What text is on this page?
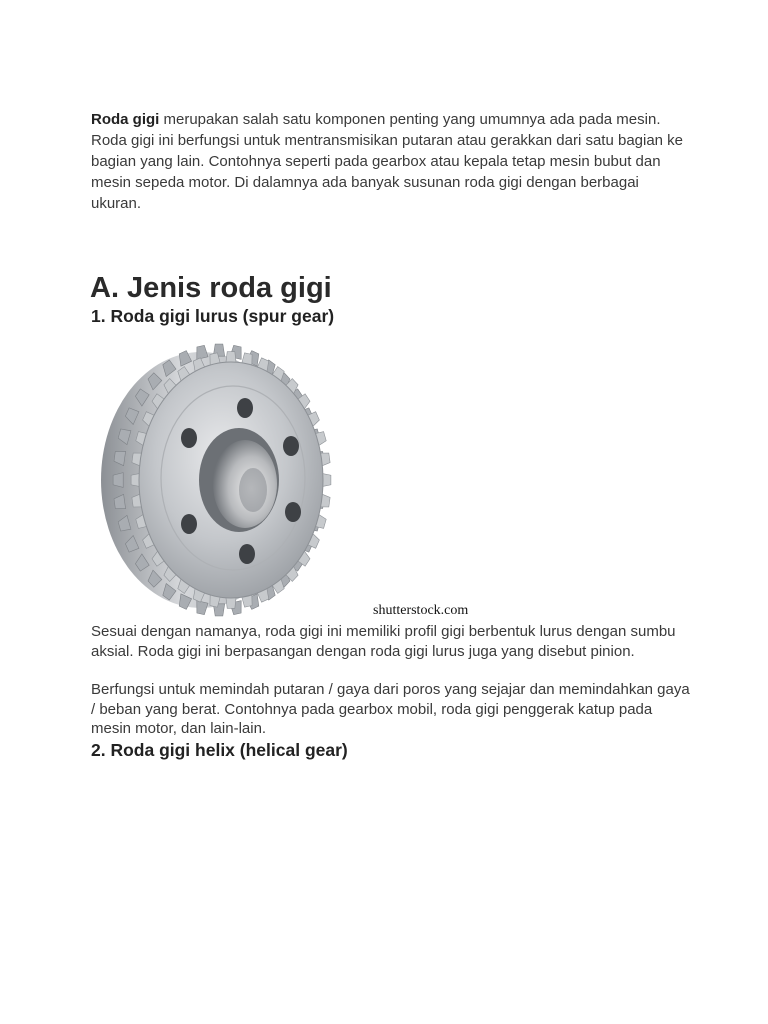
Roda gigi merupakan salah satu komponen penting yang umumnya ada pada mesin. Roda gigi ini berfungsi untuk mentransmisikan putaran atau gerakkan dari satu bagian ke bagian yang lain. Contohnya seperti pada gearbox atau kepala tetap mesin bubut dan mesin sepeda motor. Di dalamnya ada banyak susunan roda gigi dengan berbagai ukuran.

A. Jenis roda gigi
1. Roda gigi lurus (spur gear)
shutterstock.com

Sesuai dengan namanya, roda gigi ini memiliki profil gigi berbentuk lurus dengan sumbu aksial. Roda gigi ini berpasangan dengan roda gigi lurus juga yang disebut pinion.

Berfungsi untuk memindah putaran / gaya dari poros yang sejajar dan memindahkan gaya / beban yang berat. Contohnya pada gearbox mobil, roda gigi penggerak katup pada mesin motor, dan lain-lain.

2. Roda gigi helix (helical gear)
